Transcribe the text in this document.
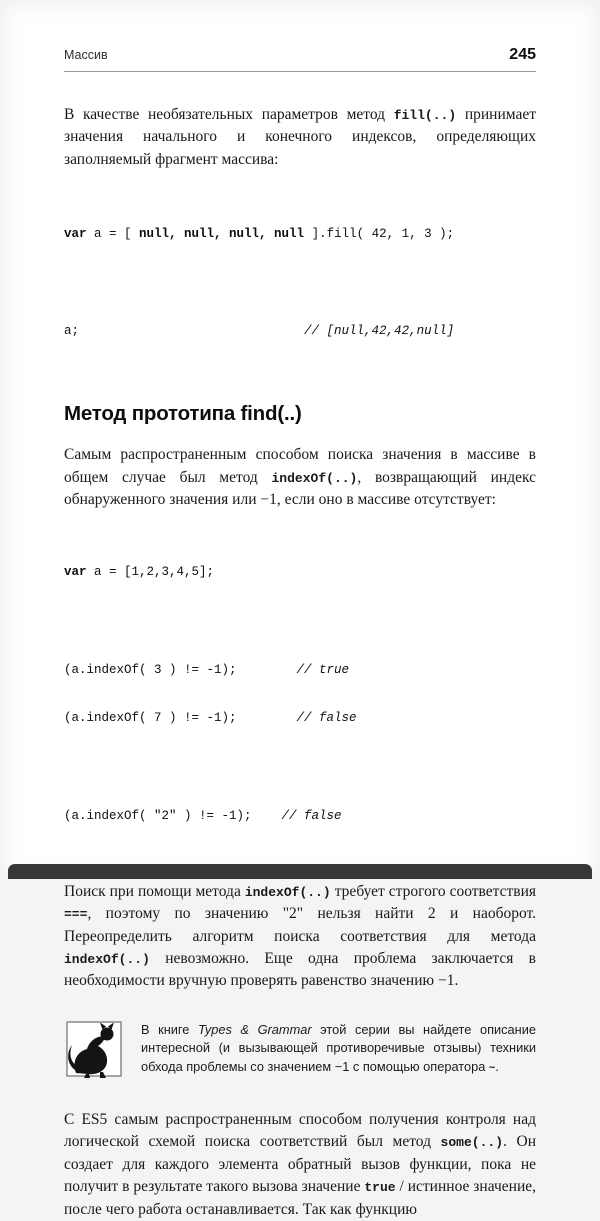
Массив	245

В качестве необязательных параметров метод fill(..) принимает значения начального и конечного индексов, определяющих заполняемый фрагмент массива:

var a = [ null, null, null, null ].fill( 42, 1, 3 );

a;                              // [null,42,42,null]

Метод прототипа find(..)

Самым распространенным способом поиска значения в массиве в общем случае был метод indexOf(..), возвращающий индекс обнаруженного значения или −1, если оно в массиве отсутствует:

var a = [1,2,3,4,5];

(a.indexOf( 3 ) != -1);        // true

(a.indexOf( 7 ) != -1);        // false

(a.indexOf( "2" ) != -1);    // false

Поиск при помощи метода indexOf(..) требует строгого соответствия ===, поэтому по значению "2" нельзя найти 2 и наоборот. Переопределить алгоритм поиска соответствия для метода indexOf(..) невозможно. Еще одна проблема заключается в необходимости вручную проверять равенство значению −1.

В книге Types & Grammar этой серии вы найдете описание интересной (и вызывающей противоречивые отзывы) техники обхода проблемы со значением −1 с помощью оператора ~.

С ES5 самым распространенным способом получения контроля над логической схемой поиска соответствий был метод some(..). Он создает для каждого элемента обратный вызов функции, пока не получит в результате такого вызова значение true / истинное значение, после чего работа останавливается. Так как функцию
